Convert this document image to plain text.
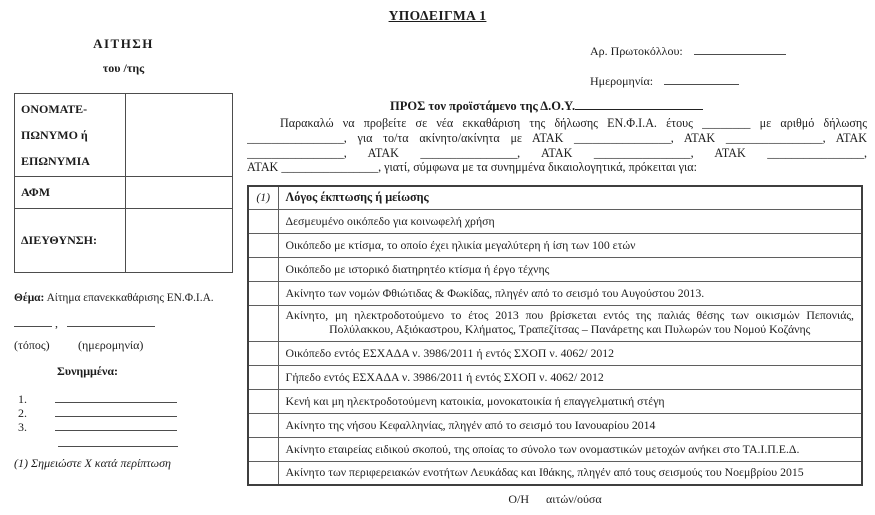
ΥΠΟΔΕΙΓΜΑ 1
ΑΙΤΗΣΗ
του /της
ΟΝΟΜΑΤΕ-ΠΩΝΥΜΟ ή ΕΠΩΝΥΜΙΑ	
ΑΦΜ	
ΔΙΕΥΘΥΝΣΗ:	
Θέμα: Αίτημα επανεκκαθάρισης ΕΝ.Φ.Ι.Α.
,
(τόπος) (ημερομηνία)
Συνημμένα:
1.
2.
3.
(1) Σημειώστε Χ κατά περίπτωση
Αρ. Πρωτοκόλλου:
Ημερομηνία:
ΠΡΟΣ τον προϊστάμενο της Δ.Ο.Υ.
Παρακαλώ να προβείτε σε νέα εκκαθάριση της δήλωσης ΕΝ.Φ.Ι.Α. έτους ________ με αριθμό δήλωσης
________________, για το/τα ακίνητο/ακίνητα με ΑΤΑΚ ________________, ΑΤΑΚ ________________, ΑΤΑΚ
________________, ΑΤΑΚ ________________, ΑΤΑΚ ________________, ΑΤΑΚ ________________,
ΑΤΑΚ ________________, γιατί, σύμφωνα με τα συνημμένα δικαιολογητικά, πρόκειται για:
(1)	Λόγος έκπτωσης ή μείωσης
	Δεσμευμένο οικόπεδο για κοινωφελή χρήση
	Οικόπεδο με κτίσμα, το οποίο έχει ηλικία μεγαλύτερη ή ίση των 100 ετών
	Οικόπεδο με ιστορικό διατηρητέο κτίσμα ή έργο τέχνης
	Ακίνητο των νομών Φθιώτιδας & Φωκίδας, πληγέν από το σεισμό του Αυγούστου 2013.
	Ακίνητο, μη ηλεκτροδοτούμενο το έτος 2013 που βρίσκεται εντός της παλιάς θέσης των οικισμών Πεπονιάς, Πολύλακκου, Αξιόκαστρου, Κλήματος, Τραπεζίτσας – Πανάρετης και Πυλωρών του Νομού Κοζάνης
	Οικόπεδο εντός ΕΣΧΑΔΑ ν. 3986/2011 ή εντός ΣΧΟΠ ν. 4062/ 2012
	Γήπεδο εντός ΕΣΧΑΔΑ ν. 3986/2011 ή εντός ΣΧΟΠ ν. 4062/ 2012
	Κενή και μη ηλεκτροδοτούμενη κατοικία, μονοκατοικία ή επαγγελματική στέγη
	Ακίνητο της νήσου Κεφαλληνίας, πληγέν από το σεισμό του Ιανουαρίου 2014
	Ακίνητο εταιρείας ειδικού σκοπού, της οποίας το σύνολο των ονομαστικών μετοχών ανήκει στο ΤΑ.Ι.Π.Ε.Δ.
	Ακίνητο των περιφερειακών ενοτήτων Λευκάδας και Ιθάκης, πληγέν από τους σεισμούς του Νοεμβρίου 2015
Ο/Η αιτών/ούσα
